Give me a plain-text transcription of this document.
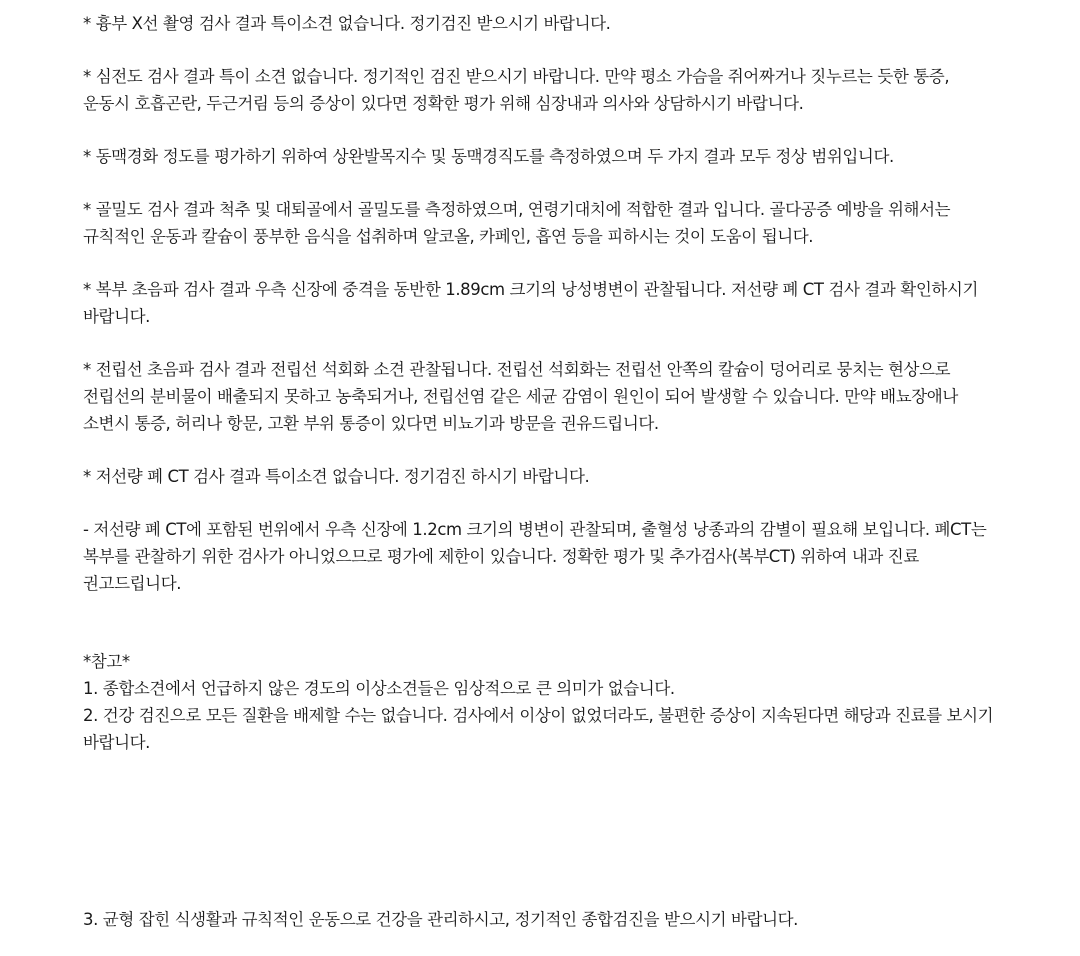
* 흉부 X선 촬영 검사 결과 특이소견 없습니다. 정기검진 받으시기 바랍니다.

* 심전도 검사 결과 특이 소견 없습니다. 정기적인 검진 받으시기 바랍니다. 만약 평소 가슴을 쥐어짜거나 짓누르는 듯한 통증, 운동시 호흡곤란, 두근거림 등의 증상이 있다면 정확한 평가 위해 심장내과 의사와 상담하시기 바랍니다.

* 동맥경화 정도를 평가하기 위하여 상완발목지수 및 동맥경직도를 측정하였으며 두 가지 결과 모두 정상 범위입니다.

* 골밀도 검사 결과 척추 및 대퇴골에서 골밀도를 측정하였으며, 연령기대치에 적합한 결과 입니다. 골다공증 예방을 위해서는 규칙적인 운동과 칼슘이 풍부한 음식을 섭취하며 알코올, 카페인, 흡연 등을 피하시는 것이 도움이 됩니다.

* 복부 초음파 검사 결과 우측 신장에 중격을 동반한 1.89cm 크기의 낭성병변이 관찰됩니다. 저선량 폐 CT 검사 결과 확인하시기 바랍니다.

* 전립선 초음파 검사 결과 전립선 석회화 소견 관찰됩니다. 전립선 석회화는 전립선 안쪽의 칼슘이 덩어리로 뭉치는 현상으로 전립선의 분비물이 배출되지 못하고 농축되거나, 전립선염 같은 세균 감염이 원인이 되어 발생할 수 있습니다. 만약 배뇨장애나 소변시 통증, 허리나 항문, 고환 부위 통증이 있다면 비뇨기과 방문을 권유드립니다.

* 저선량 폐 CT 검사 결과 특이소견 없습니다. 정기검진 하시기 바랍니다.

- 저선량 폐 CT에 포함된 번위에서 우측 신장에 1.2cm 크기의 병변이 관찰되며, 출혈성 낭종과의 감별이 필요해 보입니다. 폐CT는 복부를 관찰하기 위한 검사가 아니었으므로 평가에 제한이 있습니다. 정확한 평가 및 추가검사(복부CT) 위하여 내과 진료 권고드립니다.

*참고*

1. 종합소견에서 언급하지 않은 경도의 이상소견들은 임상적으로 큰 의미가 없습니다.

2. 건강 검진으로 모든 질환을 배제할 수는 없습니다. 검사에서 이상이 없었더라도, 불편한 증상이 지속된다면 해당과 진료를 보시기 바랍니다.

3. 균형 잡힌 식생활과 규칙적인 운동으로 건강을 관리하시고, 정기적인 종합검진을 받으시기 바랍니다.
